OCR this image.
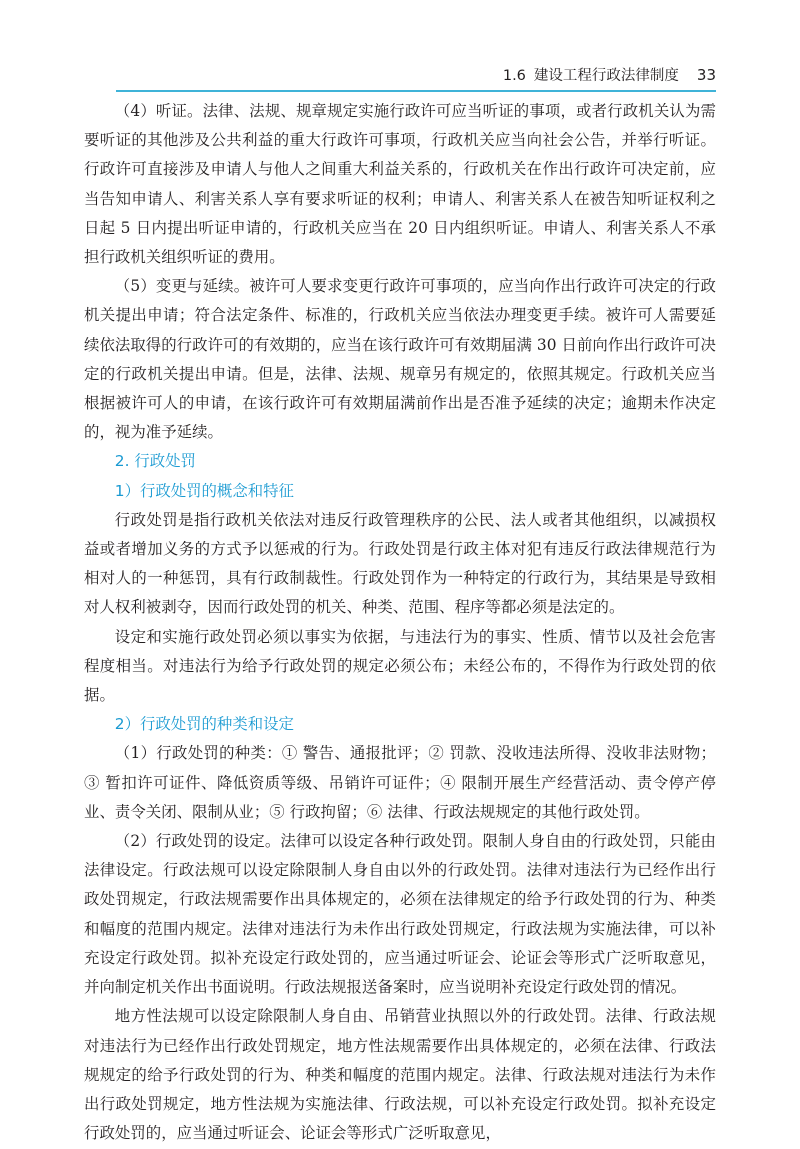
1.6 建设工程行政法律制度 33

（4）听证。法律、法规、规章规定实施行政许可应当听证的事项，或者行政机关认为需要听证的其他涉及公共利益的重大行政许可事项，行政机关应当向社会公告，并举行听证。行政许可直接涉及申请人与他人之间重大利益关系的，行政机关在作出行政许可决定前，应当告知申请人、利害关系人享有要求听证的权利；申请人、利害关系人在被告知听证权利之日起 5 日内提出听证申请的，行政机关应当在 20 日内组织听证。申请人、利害关系人不承担行政机关组织听证的费用。

（5）变更与延续。被许可人要求变更行政许可事项的，应当向作出行政许可决定的行政机关提出申请；符合法定条件、标准的，行政机关应当依法办理变更手续。被许可人需要延续依法取得的行政许可的有效期的，应当在该行政许可有效期届满 30 日前向作出行政许可决定的行政机关提出申请。但是，法律、法规、规章另有规定的，依照其规定。行政机关应当根据被许可人的申请，在该行政许可有效期届满前作出是否准予延续的决定；逾期未作决定的，视为准予延续。

2. 行政处罚
1）行政处罚的概念和特征

行政处罚是指行政机关依法对违反行政管理秩序的公民、法人或者其他组织，以减损权益或者增加义务的方式予以惩戒的行为。行政处罚是行政主体对犯有违反行政法律规范行为相对人的一种惩罚，具有行政制裁性。行政处罚作为一种特定的行政行为，其结果是导致相对人权利被剥夺，因而行政处罚的机关、种类、范围、程序等都必须是法定的。

设定和实施行政处罚必须以事实为依据，与违法行为的事实、性质、情节以及社会危害程度相当。对违法行为给予行政处罚的规定必须公布；未经公布的，不得作为行政处罚的依据。

2）行政处罚的种类和设定

（1）行政处罚的种类：① 警告、通报批评；② 罚款、没收违法所得、没收非法财物；③ 暂扣许可证件、降低资质等级、吊销许可证件；④ 限制开展生产经营活动、责令停产停业、责令关闭、限制从业；⑤ 行政拘留；⑥ 法律、行政法规规定的其他行政处罚。

（2）行政处罚的设定。法律可以设定各种行政处罚。限制人身自由的行政处罚，只能由法律设定。行政法规可以设定除限制人身自由以外的行政处罚。法律对违法行为已经作出行政处罚规定，行政法规需要作出具体规定的，必须在法律规定的给予行政处罚的行为、种类和幅度的范围内规定。法律对违法行为未作出行政处罚规定，行政法规为实施法律，可以补充设定行政处罚。拟补充设定行政处罚的，应当通过听证会、论证会等形式广泛听取意见，并向制定机关作出书面说明。行政法规报送备案时，应当说明补充设定行政处罚的情况。

地方性法规可以设定除限制人身自由、吊销营业执照以外的行政处罚。法律、行政法规对违法行为已经作出行政处罚规定，地方性法规需要作出具体规定的，必须在法律、行政法规规定的给予行政处罚的行为、种类和幅度的范围内规定。法律、行政法规对违法行为未作出行政处罚规定，地方性法规为实施法律、行政法规，可以补充设定行政处罚。拟补充设定行政处罚的，应当通过听证会、论证会等形式广泛听取意见，
